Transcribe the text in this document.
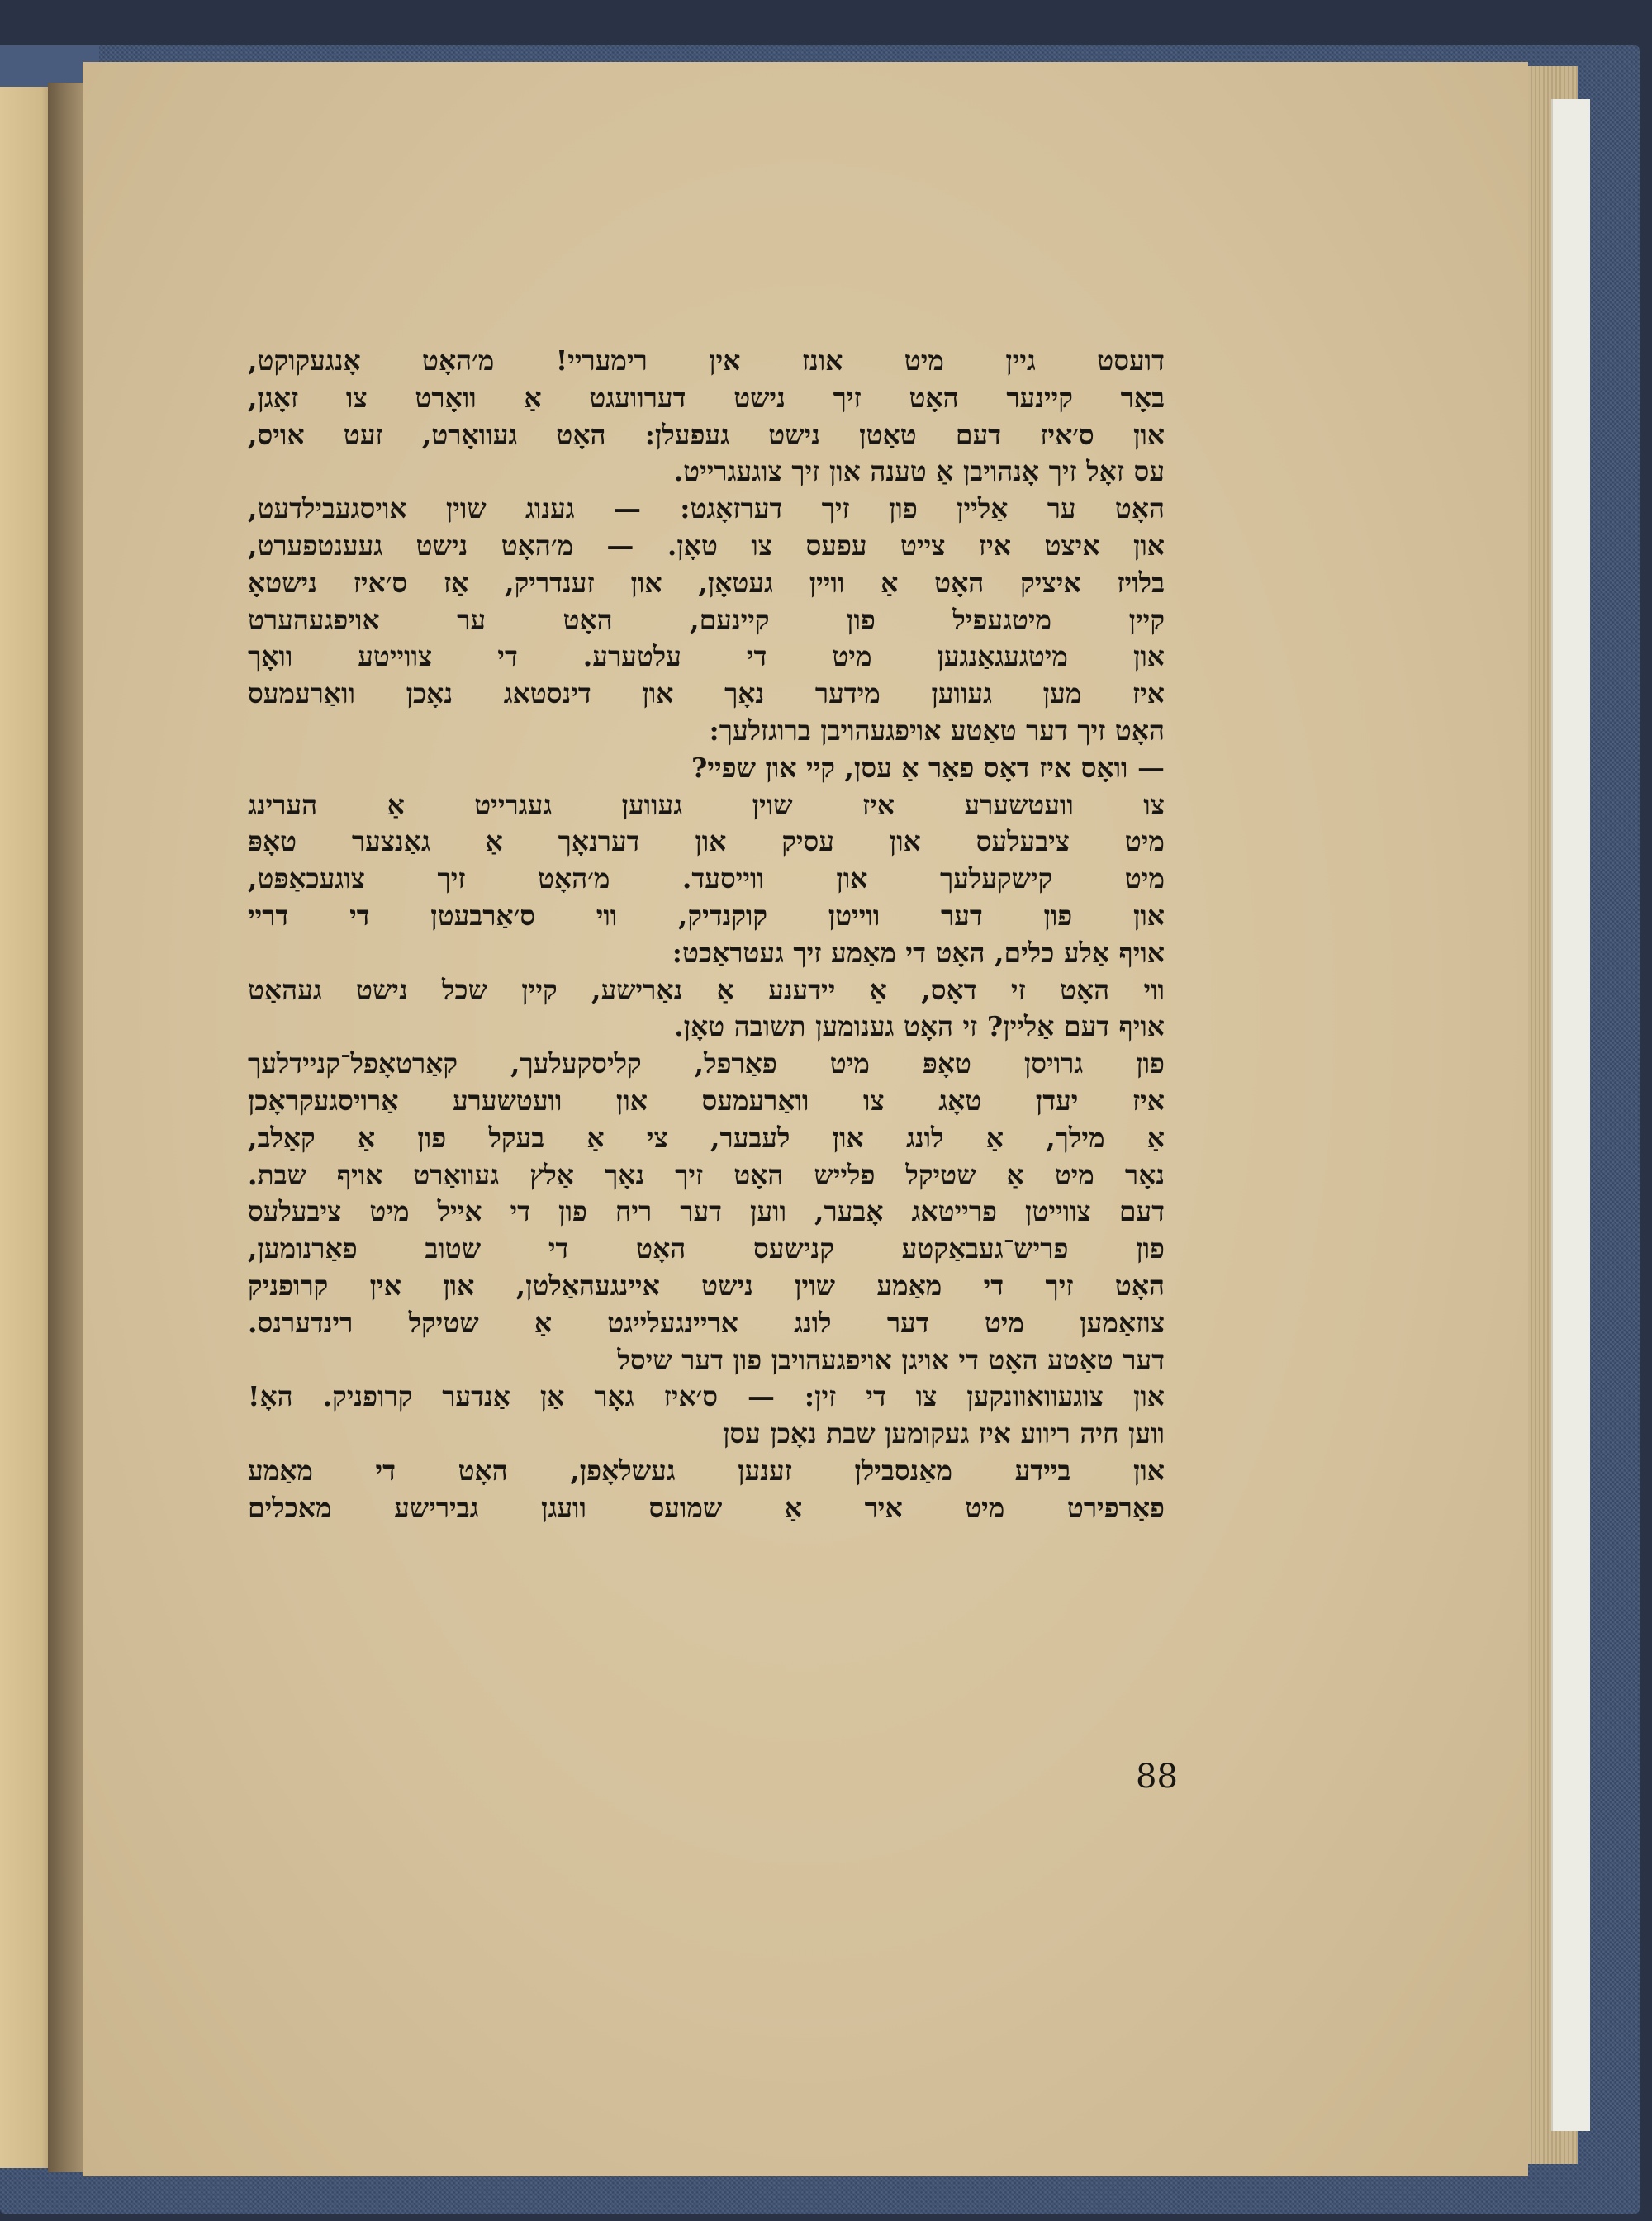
דועסט גיין מיט אונז אין רימעריי! מ׳האָט אָנגעקוקט,
באָר קיינער האָט זיך נישט דערוועגט אַ וואָרט צו זאָגן,
און ס׳איז דעם טאַטן נישט געפעלן: האָט געוואָרט, זעט אויס,
עס זאָל זיך אָנהויבן אַ טענה און זיך צוגעגרייט.
האָט ער אַליין פון זיך דערזאָגט: — גענוג שוין אויסגעבילדעט,
און איצט איז צייט עפעס צו טאָן. — מ׳האָט נישט געענטפערט,
בלויז איציק האָט אַ וויין געטאָן, און זענדריק, אַז ס׳איז נישטאָ
קיין מיטגעפיל פון קיינעם, האָט ער אויפגעהערט
און מיטגעגאַנגען מיט די עלטערע. די צווייטע וואָך
איז מען געווען מידער נאָך און דינסטאג נאָכן וואַרעמעס
האָט זיך דער טאַטע אויפגעהויבן ברוגזלעך:
— וואָס איז דאָס פאַר אַ עסן, קיי און שפיי?
צו וועטשערע איז שוין געווען געגרייט אַ הערינג
מיט ציבעלעס און עסיק און דערנאָך אַ גאַנצער טאָפּ
מיט קישקעלעך און ווייסעד. מ׳האָט זיך צוגעכאַפּט,
און פון דער ווייטן קוקנדיק, ווי ס׳אַרבעטן די דריי
אויף אַלע כלים, האָט די מאַמע זיך געטראַכט:
ווי האָט זי דאָס, אַ יידענע אַ נאַרישע, קיין שכל נישט געהאַט
אויף דעם אַליין? זי האָט גענומען תשובה טאָן.
פון גרויסן טאָפּ מיט פאַרפל, קליסקעלעך, קאַרטאָפל־קניידלעך
איז יעדן טאָג צו וואַרעמעס און וועטשערע אַרויסגעקראָכן
אַ מילך, אַ לונג און לעבער, צי אַ בעקל פון אַ קאַלב,
נאָר מיט אַ שטיקל פלייש האָט זיך נאָך אַלץ געוואַרט אויף שבת.
דעם צווייטן פרייטאג אָבער, ווען דער ריח פון די אייל מיט ציבעלעס
פון פריש־געבאַקטע קנישעס האָט די שטוב פאַרנומען,
האָט זיך די מאַמע שוין נישט איינגעהאַלטן, און אין קרופניק
צוזאַמען מיט דער לונג אריינגעלייגט אַ שטיקל רינדערנס.
דער טאַטע האָט די אויגן אויפגעהויבן פון דער שיסל
און צוגעוואוונקען צו די זין: — ס׳איז גאָר אַן אַנדער קרופניק. האָ!
ווען חיה ריווע איז געקומען שבת נאָכן עסן
און ביידע מאַנסבילן זענען געשלאָפן, האָט די מאַמע
פאַרפירט מיט איר אַ שמועס וועגן גבירישע מאכלים
88
